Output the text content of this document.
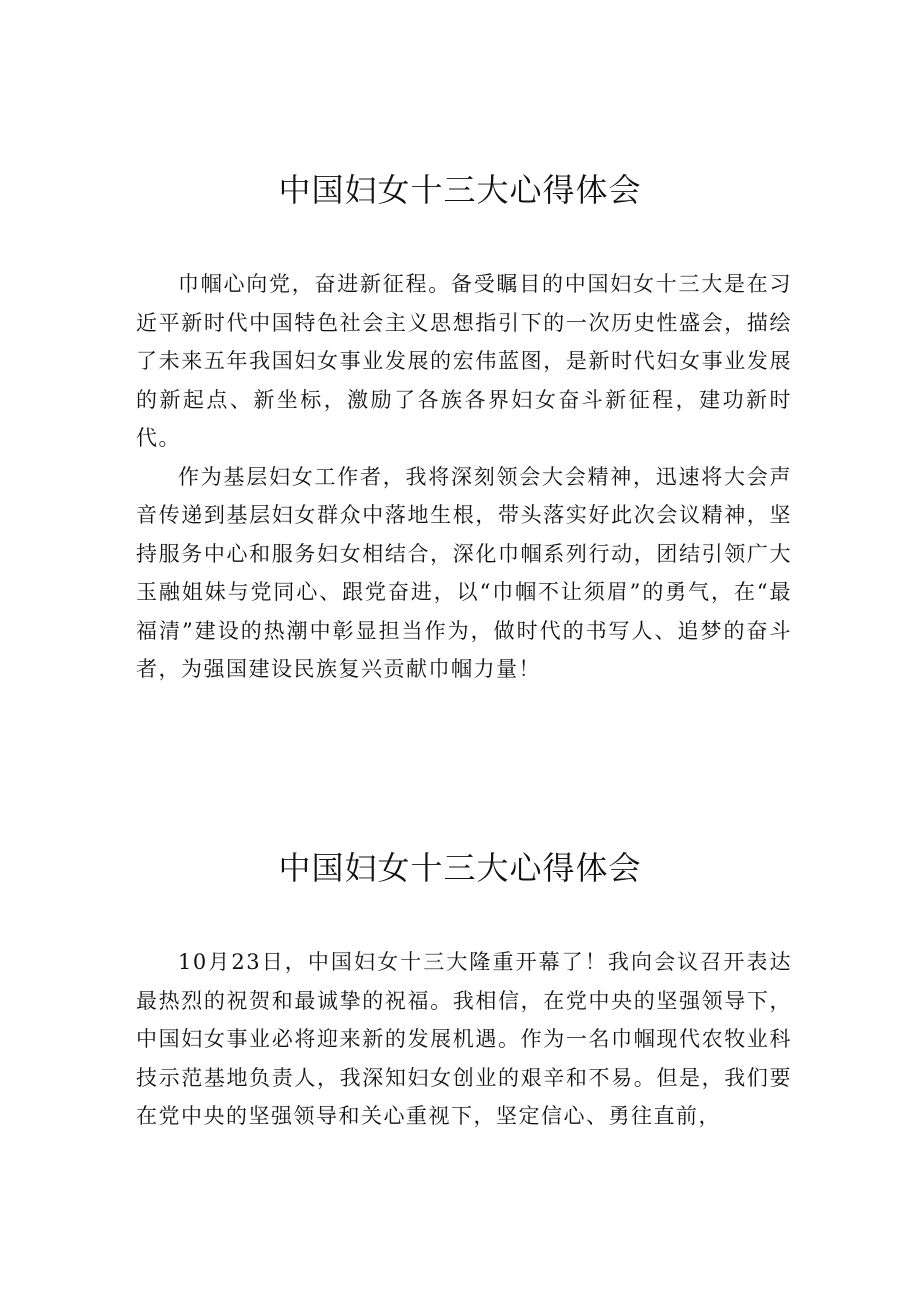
中国妇女十三大心得体会

巾帼心向党，奋进新征程。备受瞩目的中国妇女十三大是在习近平新时代中国特色社会主义思想指引下的一次历史性盛会，描绘了未来五年我国妇女事业发展的宏伟蓝图，是新时代妇女事业发展的新起点、新坐标，激励了各族各界妇女奋斗新征程，建功新时代。

作为基层妇女工作者，我将深刻领会大会精神，迅速将大会声音传递到基层妇女群众中落地生根，带头落实好此次会议精神，坚持服务中心和服务妇女相结合，深化巾帼系列行动，团结引领广大玉融姐妹与党同心、跟党奋进，以“巾帼不让须眉”的勇气，在“最福清”建设的热潮中彰显担当作为，做时代的书写人、追梦的奋斗者，为强国建设民族复兴贡献巾帼力量！

中国妇女十三大心得体会

10月23日，中国妇女十三大隆重开幕了！我向会议召开表达最热烈的祝贺和最诚挚的祝福。我相信，在党中央的坚强领导下，中国妇女事业必将迎来新的发展机遇。作为一名巾帼现代农牧业科技示范基地负责人，我深知妇女创业的艰辛和不易。但是，我们要在党中央的坚强领导和关心重视下，坚定信心、勇往直前，
